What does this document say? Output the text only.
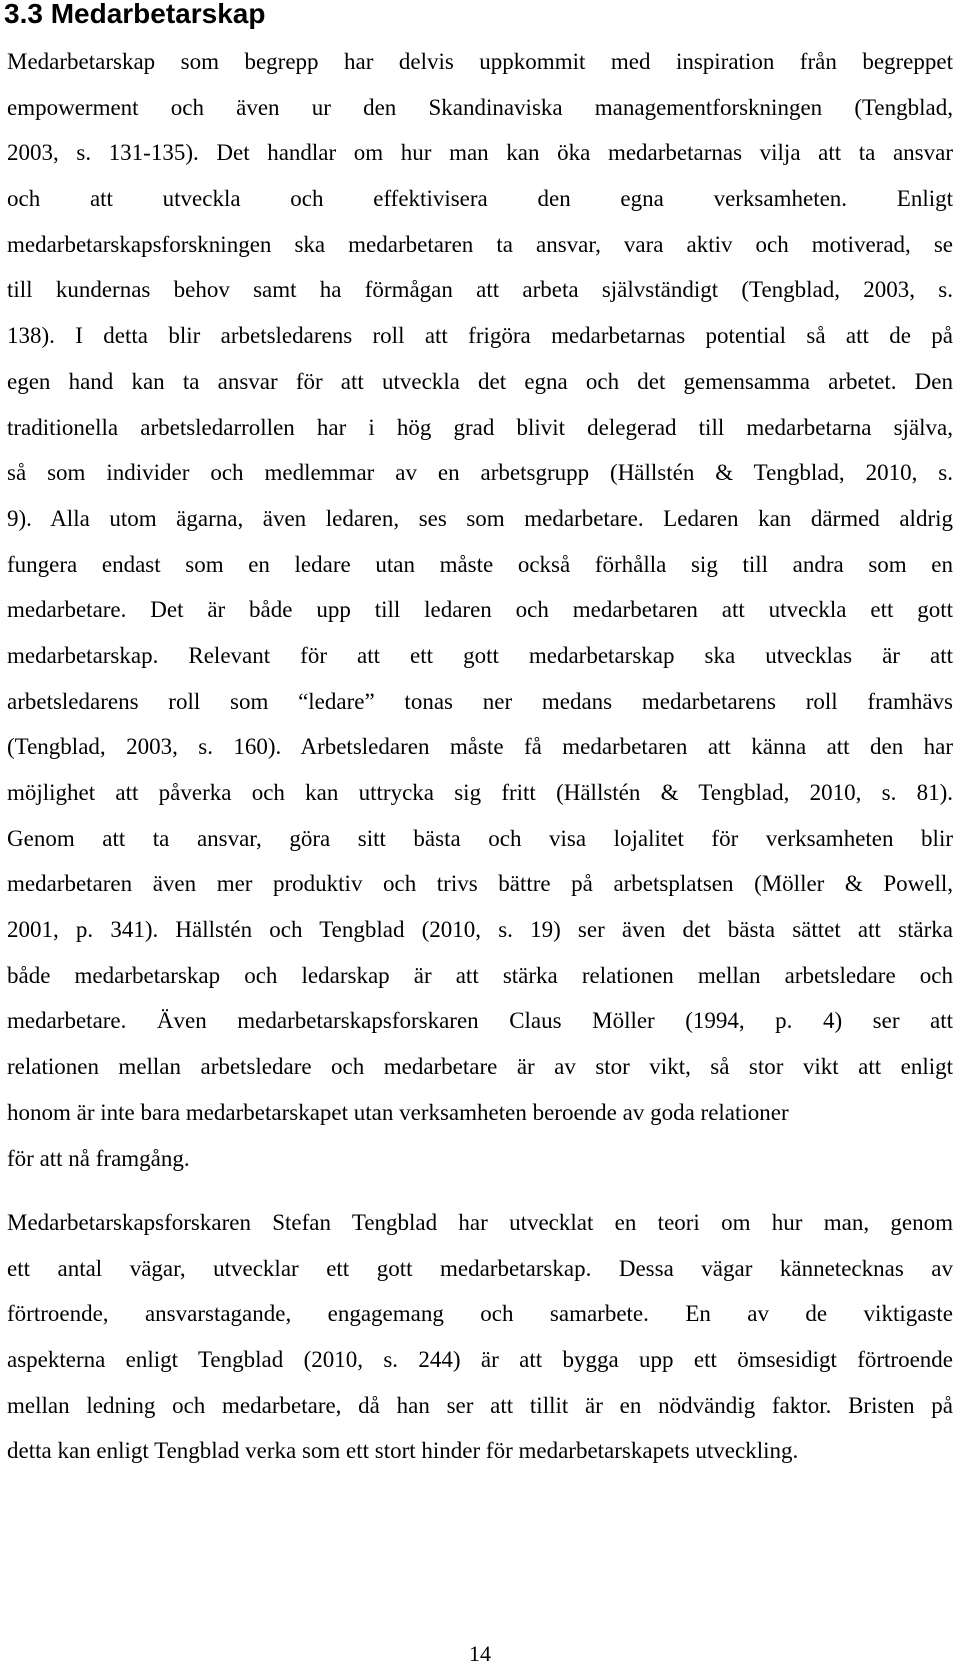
3.3 Medarbetarskap
Medarbetarskap som begrepp har delvis uppkommit med inspiration från begreppet
empowerment och även ur den Skandinaviska managementforskningen (Tengblad,
2003, s. 131-135). Det handlar om hur man kan öka medarbetarnas vilja att ta ansvar
och att utveckla och effektivisera den egna verksamheten. Enligt
medarbetarskapsforskningen ska medarbetaren ta ansvar, vara aktiv och motiverad, se
till kundernas behov samt ha förmågan att arbeta självständigt (Tengblad, 2003, s.
138). I detta blir arbetsledarens roll att frigöra medarbetarnas potential så att de på
egen hand kan ta ansvar för att utveckla det egna och det gemensamma arbetet. Den
traditionella arbetsledarrollen har i hög grad blivit delegerad till medarbetarna själva,
så som individer och medlemmar av en arbetsgrupp (Hällstén & Tengblad, 2010, s.
9). Alla utom ägarna, även ledaren, ses som medarbetare. Ledaren kan därmed aldrig
fungera endast som en ledare utan måste också förhålla sig till andra som en
medarbetare. Det är både upp till ledaren och medarbetaren att utveckla ett gott
medarbetarskap. Relevant för att ett gott medarbetarskap ska utvecklas är att
arbetsledarens roll som “ledare” tonas ner medans medarbetarens roll framhävs
(Tengblad, 2003, s. 160). Arbetsledaren måste få medarbetaren att känna att den har
möjlighet att påverka och kan uttrycka sig fritt (Hällstén & Tengblad, 2010, s. 81).
Genom att ta ansvar, göra sitt bästa och visa lojalitet för verksamheten blir
medarbetaren även mer produktiv och trivs bättre på arbetsplatsen (Möller & Powell,
2001, p. 341). Hällstén och Tengblad (2010, s. 19) ser även det bästa sättet att stärka
både medarbetarskap och ledarskap är att stärka relationen mellan arbetsledare och
medarbetare. Även medarbetarskapsforskaren Claus Möller (1994, p. 4) ser att
relationen mellan arbetsledare och medarbetare är av stor vikt, så stor vikt att enligt
honom är inte bara medarbetarskapet utan verksamheten beroende av goda relationer
för att nå framgång.
Medarbetarskapsforskaren Stefan Tengblad har utvecklat en teori om hur man, genom
ett antal vägar, utvecklar ett gott medarbetarskap. Dessa vägar kännetecknas av
förtroende, ansvarstagande, engagemang och samarbete. En av de viktigaste
aspekterna enligt Tengblad (2010, s. 244) är att bygga upp ett ömsesidigt förtroende
mellan ledning och medarbetare, då han ser att tillit är en nödvändig faktor. Bristen på
detta kan enligt Tengblad verka som ett stort hinder för medarbetarskapets utveckling.

14
